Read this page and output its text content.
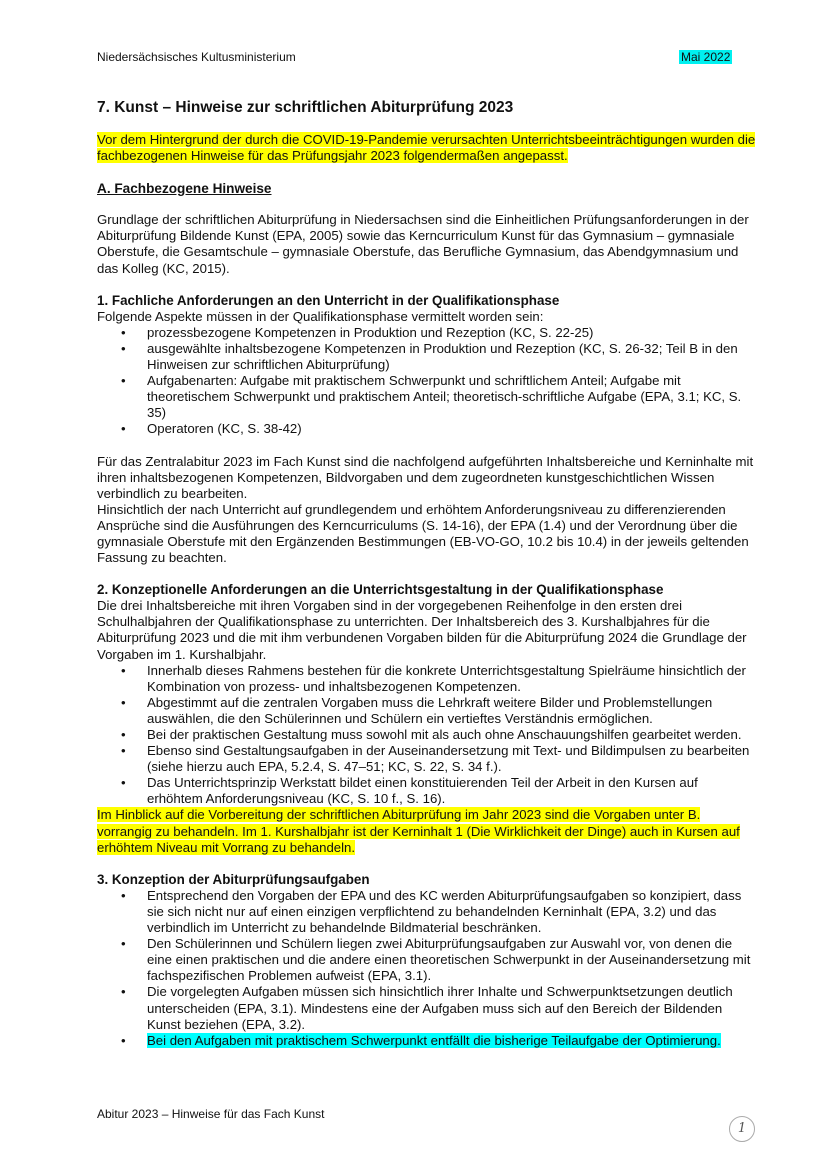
Niedersächsisches Kultusministerium	Mai 2022
7. Kunst – Hinweise zur schriftlichen Abiturprüfung 2023

Vor dem Hintergrund der durch die COVID-19-Pandemie verursachten Unterrichtsbeeinträchtigungen wurden die fachbezogenen Hinweise für das Prüfungsjahr 2023 folgendermaßen angepasst.

A. Fachbezogene Hinweise

Grundlage der schriftlichen Abiturprüfung in Niedersachsen sind die Einheitlichen Prüfungsanforderungen in der Abiturprüfung Bildende Kunst (EPA, 2005) sowie das Kerncurriculum Kunst für das Gymnasium – gymnasiale Oberstufe, die Gesamtschule – gymnasiale Oberstufe, das Berufliche Gymnasium, das Abendgymnasium und das Kolleg (KC, 2015).

1. Fachliche Anforderungen an den Unterricht in der Qualifikationsphase

Folgende Aspekte müssen in der Qualifikationsphase vermittelt worden sein:

• prozessbezogene Kompetenzen in Produktion und Rezeption (KC, S. 22-25)
• ausgewählte inhaltsbezogene Kompetenzen in Produktion und Rezeption (KC, S. 26-32; Teil B in den Hinweisen zur schriftlichen Abiturprüfung)
• Aufgabenarten: Aufgabe mit praktischem Schwerpunkt und schriftlichem Anteil; Aufgabe mit theoretischem Schwerpunkt und praktischem Anteil; theoretisch-schriftliche Aufgabe (EPA, 3.1; KC, S. 35)
• Operatoren (KC, S. 38-42)

Für das Zentralabitur 2023 im Fach Kunst sind die nachfolgend aufgeführten Inhaltsbereiche und Kerninhalte mit ihren inhaltsbezogenen Kompetenzen, Bildvorgaben und dem zugeordneten kunstgeschichtlichen Wissen verbindlich zu bearbeiten.

Hinsichtlich der nach Unterricht auf grundlegendem und erhöhtem Anforderungsniveau zu differenzierenden Ansprüche sind die Ausführungen des Kerncurriculums (S. 14-16), der EPA (1.4) und der Verordnung über die gymnasiale Oberstufe mit den Ergänzenden Bestimmungen (EB-VO-GO, 10.2 bis 10.4) in der jeweils geltenden Fassung zu beachten.

2. Konzeptionelle Anforderungen an die Unterrichtsgestaltung in der Qualifikationsphase

Die drei Inhaltsbereiche mit ihren Vorgaben sind in der vorgegebenen Reihenfolge in den ersten drei Schulhalbjahren der Qualifikationsphase zu unterrichten. Der Inhaltsbereich des 3. Kurshalbjahres für die Abiturprüfung 2023 und die mit ihm verbundenen Vorgaben bilden für die Abiturprüfung 2024 die Grundlage der Vorgaben im 1. Kurshalbjahr.

• Innerhalb dieses Rahmens bestehen für die konkrete Unterrichtsgestaltung Spielräume hinsichtlich der Kombination von prozess- und inhaltsbezogenen Kompetenzen.
• Abgestimmt auf die zentralen Vorgaben muss die Lehrkraft weitere Bilder und Problemstellungen auswählen, die den Schülerinnen und Schülern ein vertieftes Verständnis ermöglichen.
• Bei der praktischen Gestaltung muss sowohl mit als auch ohne Anschauungshilfen gearbeitet werden.
• Ebenso sind Gestaltungsaufgaben in der Auseinandersetzung mit Text- und Bildimpulsen zu bearbeiten (siehe hierzu auch EPA, 5.2.4, S. 47–51; KC, S. 22, S. 34 f.).
• Das Unterrichtsprinzip Werkstatt bildet einen konstituierenden Teil der Arbeit in den Kursen auf erhöhtem Anforderungsniveau (KC, S. 10 f., S. 16).

Im Hinblick auf die Vorbereitung der schriftlichen Abiturprüfung im Jahr 2023 sind die Vorgaben unter B. vorrangig zu behandeln. Im 1. Kurshalbjahr ist der Kerninhalt 1 (Die Wirklichkeit der Dinge) auch in Kursen auf erhöhtem Niveau mit Vorrang zu behandeln.

3. Konzeption der Abiturprüfungsaufgaben
• Entsprechend den Vorgaben der EPA und des KC werden Abiturprüfungsaufgaben so konzipiert, dass sie sich nicht nur auf einen einzigen verpflichtend zu behandelnden Kerninhalt (EPA, 3.2) und das verbindlich im Unterricht zu behandelnde Bildmaterial beschränken.
• Den Schülerinnen und Schülern liegen zwei Abiturprüfungsaufgaben zur Auswahl vor, von denen die eine einen praktischen und die andere einen theoretischen Schwerpunkt in der Auseinandersetzung mit fachspezifischen Problemen aufweist (EPA, 3.1).
• Die vorgelegten Aufgaben müssen sich hinsichtlich ihrer Inhalte und Schwerpunktsetzungen deutlich unterscheiden (EPA, 3.1). Mindestens eine der Aufgaben muss sich auf den Bereich der Bildenden Kunst beziehen (EPA, 3.2).
• Bei den Aufgaben mit praktischem Schwerpunkt entfällt die bisherige Teilaufgabe der Optimierung.
Abitur 2023 – Hinweise für das Fach Kunst
1
